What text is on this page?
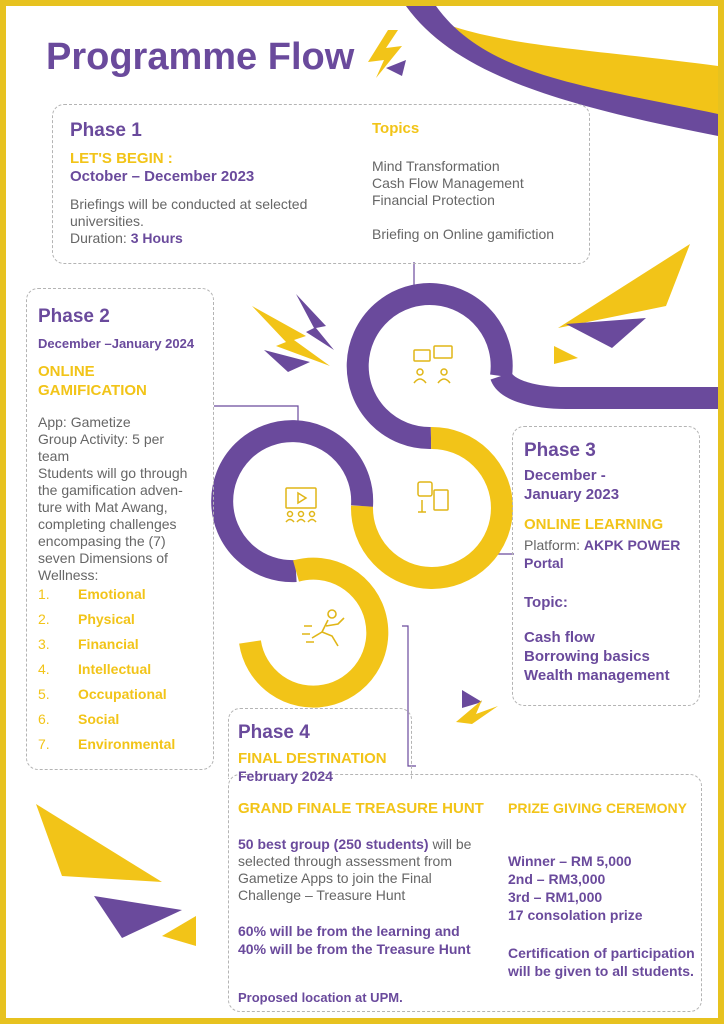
Programme Flow
Phase 1
LET'S BEGIN :
October – December 2023
Briefings will be conducted at selected universities.
Duration: 3 Hours
Topics
Mind Transformation
Cash Flow Management
Financial Protection
Briefing on Online gamifiction
Phase 2
December –January 2024
ONLINE GAMIFICATION
App: Gametize
Group Activity: 5 per team
Students will go through the gamification adven-ture with Mat Awang, completing challenges encompasing the (7) seven Dimensions of Wellness:
1.	Emotional
2.	Physical
3.	Financial
4.	Intellectual
5.	Occupational
6.	Social
7.	Environmental
Phase 3
December - January 2023
ONLINE LEARNING
Platform: AKPK POWER Portal
Topic:
Cash flow
Borrowing basics
Wealth management
Phase 4
FINAL DESTINATION
February 2024
GRAND FINALE TREASURE HUNT
50 best group (250 students) will be selected through assessment from Gametize Apps to join the Final Challenge – Treasure Hunt
60% will be from the learning and 40% will be from the Treasure Hunt
Proposed location at UPM.
PRIZE GIVING CEREMONY
Winner – RM 5,000
2nd – RM3,000
3rd – RM1,000
17 consolation prize
Certification of participation will be given to all students.
